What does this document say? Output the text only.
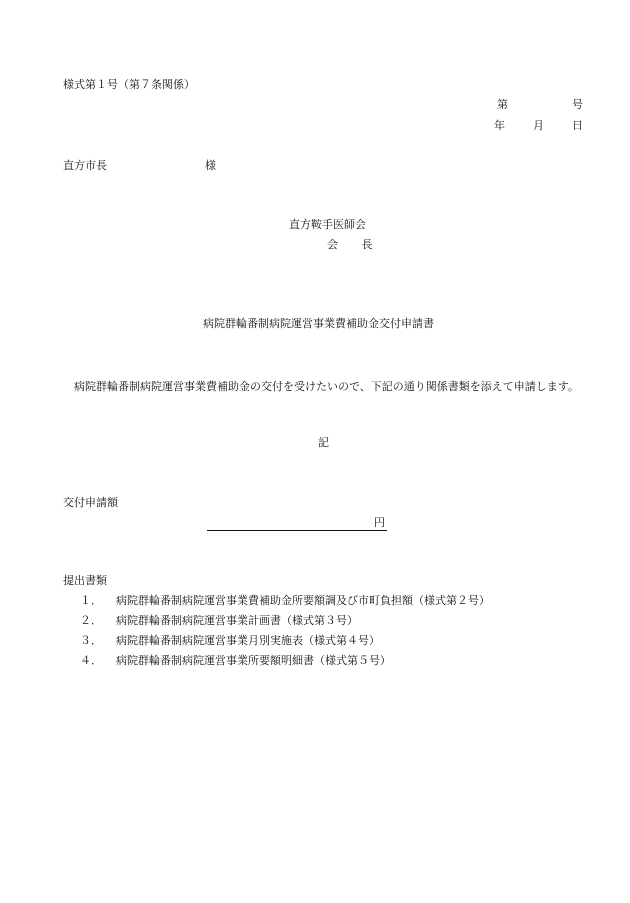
様式第１号（第７条関係）
第	号
年	月	日
直方市長	様
直方鞍手医師会
会 長
病院群輪番制病院運営事業費補助金交付申請書
病院群輪番制病院運営事業費補助金の交付を受けたいので、下記の通り関係書類を添えて申請します。
記
交付申請額
円
提出書類
１． 病院群輪番制病院運営事業費補助金所要額調及び市町負担額（様式第２号）
２． 病院群輪番制病院運営事業計画書（様式第３号）
３． 病院群輪番制病院運営事業月別実施表（様式第４号）
４． 病院群輪番制病院運営事業所要額明細書（様式第５号）
